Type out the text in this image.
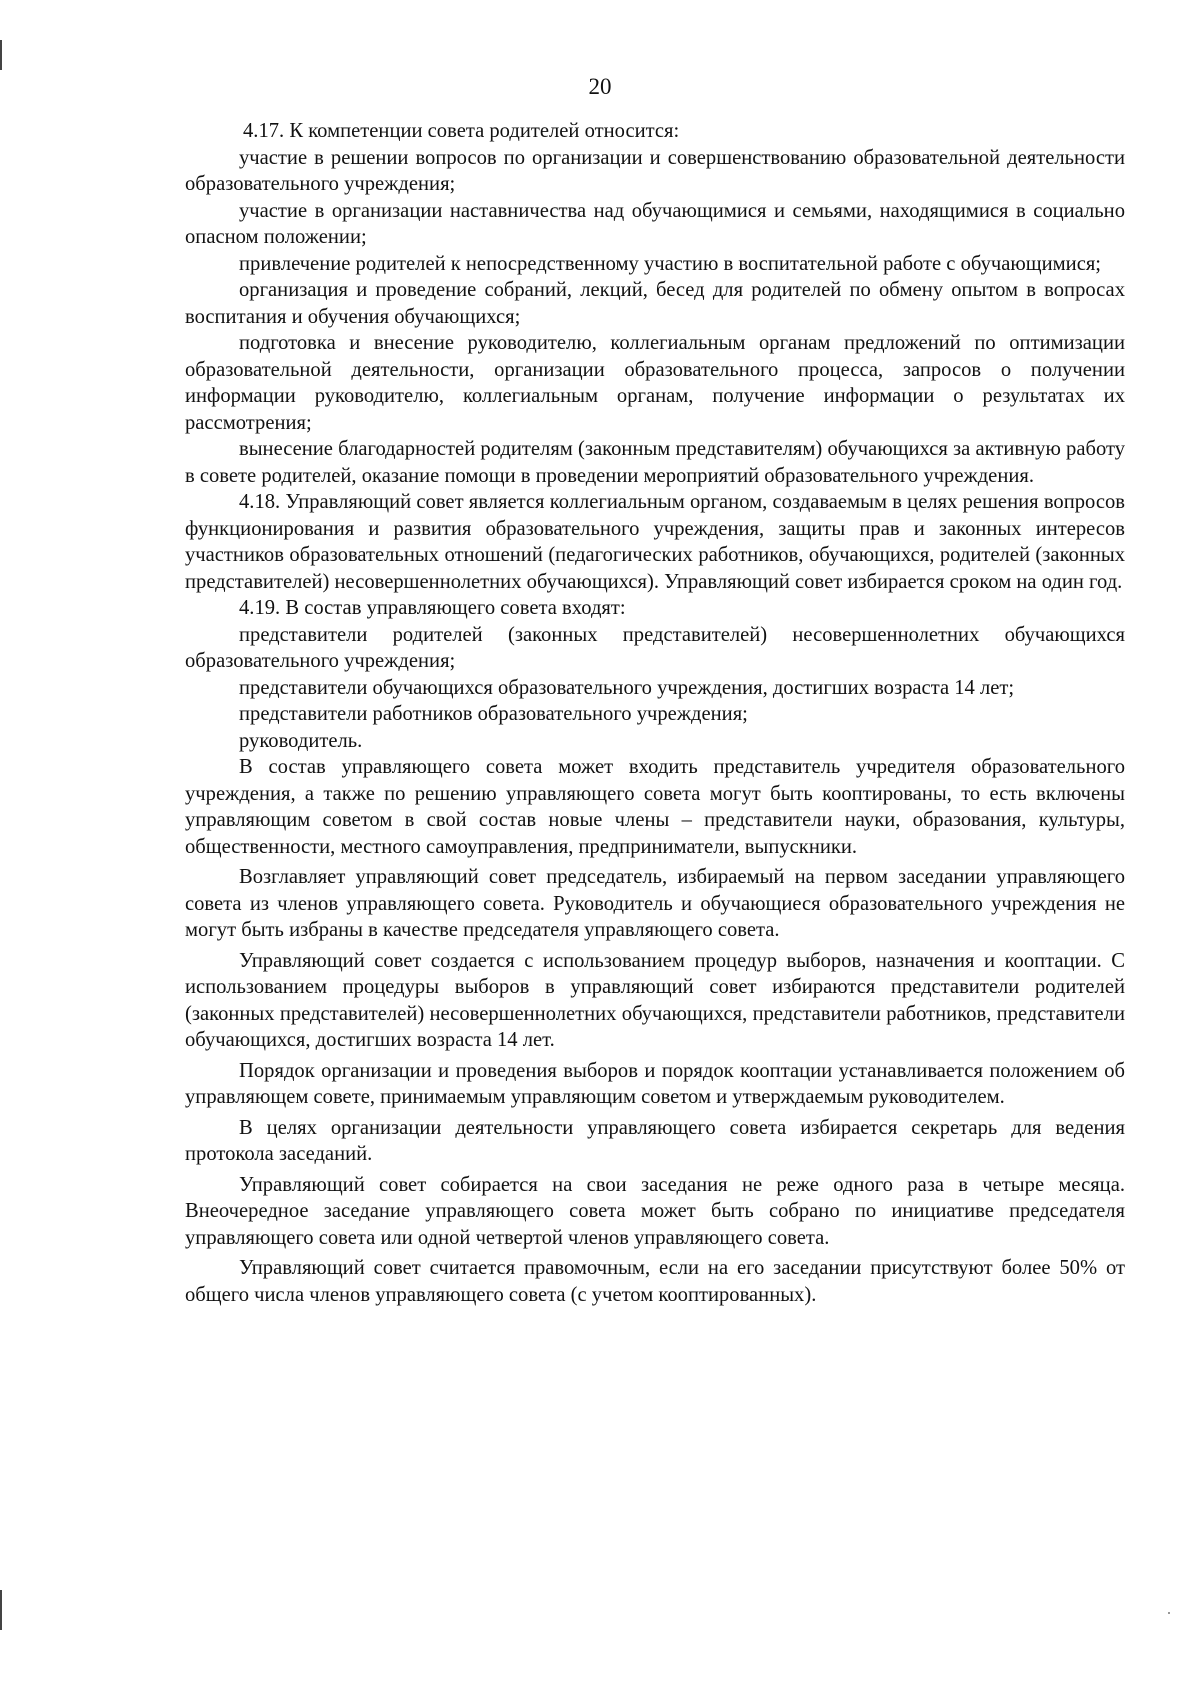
20

4.17. К компетенции совета родителей относится:

участие в решении вопросов по организации и совершенствованию образовательной деятельности образовательного учреждения;

участие в организации наставничества над обучающимися и семьями, находящимися в социально опасном положении;

привлечение родителей к непосредственному участию в воспитательной работе с обучающимися;

организация и проведение собраний, лекций, бесед для родителей по обмену опытом в вопросах воспитания и обучения обучающихся;

подготовка и внесение руководителю, коллегиальным органам предложений по оптимизации образовательной деятельности, организации образовательного процесса, запросов о получении информации руководителю, коллегиальным органам, получение информации о результатах их рассмотрения;

вынесение благодарностей родителям (законным представителям) обучающихся за активную работу в совете родителей, оказание помощи в проведении мероприятий образовательного учреждения.

4.18. Управляющий совет является коллегиальным органом, создаваемым в целях решения вопросов функционирования и развития образовательного учреждения, защиты прав и законных интересов участников образовательных отношений (педагогических работников, обучающихся, родителей (законных представителей) несовершеннолетних обучающихся). Управляющий совет избирается сроком на один год.

4.19. В состав управляющего совета входят:

представители родителей (законных представителей) несовершеннолетних обучающихся образовательного учреждения;

представители обучающихся образовательного учреждения, достигших возраста 14 лет;

представители работников образовательного учреждения;

руководитель.

В состав управляющего совета может входить представитель учредителя образовательного учреждения, а также по решению управляющего совета могут быть кооптированы, то есть включены управляющим советом в свой состав новые члены – представители науки, образования, культуры, общественности, местного самоуправления, предприниматели, выпускники.

Возглавляет управляющий совет председатель, избираемый на первом заседании управляющего совета из членов управляющего совета. Руководитель и обучающиеся образовательного учреждения не могут быть избраны в качестве председателя управляющего совета.

Управляющий совет создается с использованием процедур выборов, назначения и кооптации. С использованием процедуры выборов в управляющий совет избираются представители родителей (законных представителей) несовершеннолетних обучающихся, представители работников, представители обучающихся, достигших возраста 14 лет.

Порядок организации и проведения выборов и порядок кооптации устанавливается положением об управляющем совете, принимаемым управляющим советом и утверждаемым руководителем.

В целях организации деятельности управляющего совета избирается секретарь для ведения протокола заседаний.

Управляющий совет собирается на свои заседания не реже одного раза в четыре месяца. Внеочередное заседание управляющего совета может быть собрано по инициативе председателя управляющего совета или одной четвертой членов управляющего совета.

Управляющий совет считается правомочным, если на его заседании присутствуют более 50% от общего числа членов управляющего совета (с учетом кооптированных).
